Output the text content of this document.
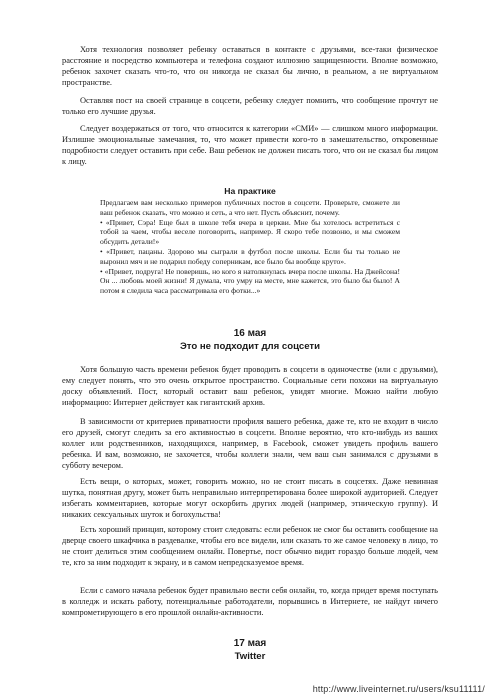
Хотя технология позволяет ребенку оставаться в контакте с друзьями, все-таки физическое расстояние и посредство компьютера и телефона создают иллюзию защищенности. Вполне возможно, ребенок захочет сказать что-то, что он никогда не сказал бы лично, в реальном, а не виртуальном пространстве.

Оставляя пост на своей странице в соцсети, ребенку следует помнить, что сообщение прочтут не только его лучшие друзья.

Следует воздержаться от того, что относится к категории «СМИ» — слишком много информации. Излишне эмоциональные замечания, то, что может привести кого-то в замешательство, откровенные подробности следует оставить при себе. Ваш ребенок не должен писать того, что он не сказал бы лицом к лицу.

На практике
Предлагаем вам несколько примеров публичных постов в соцсети. Проверьте, сможете ли ваш ребенок сказать, что можно и сеть, а что нет. Пусть объяснит, почему.
• «Привет, Сэра! Еще был в школе тебя вчера в церкви. Мне бы хотелось встретиться с тобой за чаем, чтобы веселе поговорить, например. Я скоро тебе позвоню, и мы сможем обсудить детали!»
• «Привет, пацаны. Здорово мы сыграли в футбол после школы. Если бы ты только не выронил мяч и не подарил победу соперникам, все было бы вообще круто».
• «Привет, подруга! Не поверишь, но кого я натолкнулась вчера после школы. На Джейсона! Он ... любовь моей жизни! Я думала, что умру на месте, мне кажется, это было бы было! А потом я следила часа рассматривала его фотки...»
16 мая
Это не подходит для соцсети

Хотя большую часть времени ребенок будет проводить в соцсети в одиночестве (или с друзьями), ему следует понять, что это очень открытое пространство. Социальные сети похожи на виртуальную доску объявлений. Пост, который оставит ваш ребенок, увидят многие. Можно найти любую информацию: Интернет действует как гигантский архив.

В зависимости от критериев приватности профиля вашего ребенка, даже те, кто не входит в число его друзей, смогут следить за его активностью в соцсети. Вполне вероятно, что кто-нибудь из ваших коллег или родственников, находящихся, например, в Facebook, сможет увидеть профиль вашего ребенка. И вам, возможно, не захочется, чтобы коллеги знали, чем ваш сын занимался с друзьями в субботу вечером.

Есть вещи, о которых, может, говорить можно, но не стоит писать в соцсетях. Даже невинная шутка, понятная другу, может быть неправильно интерпретирована более широкой аудиторией. Следует избегать комментариев, которые могут оскорбить других людей (например, этническую группу). И никаких сексуальных шуток и богохульства!

Есть хороший принцип, которому стоит следовать: если ребенок не смог бы оставить сообщение на дверце своего шкафчика в раздевалке, чтобы его все видели, или сказать то же самое человеку в лицо, то не стоит делиться этим сообщением онлайн. Повертье, пост обычно видит гораздо больше людей, чем те, кто за ним подходит к экрану, и в самом непредсказуемое время.

Если с самого начала ребенок будет правильно вести себя онлайн, то, когда придет время поступать в колледж и искать работу, потенциальные работодатели, порывшись в Интернете, не найдут ничего компрометирующего в его прошлой онлайн-активности.

17 мая
Twitter
http://www.liveinternet.ru/users/ksu11111/
